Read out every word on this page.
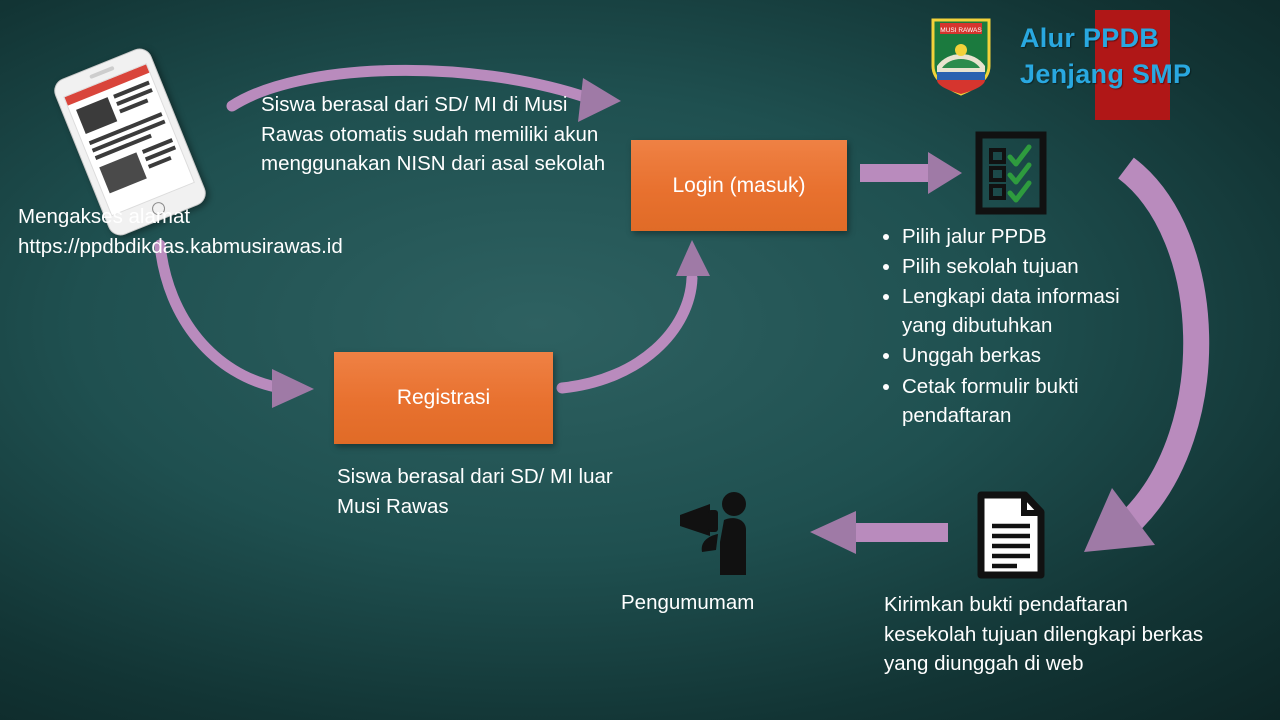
MUSI RAWAS Alur PPDB
Jenjang SMP
Mengakses alamat https://ppdbdikdas.kabmusirawas.id
Siswa berasal dari SD/ MI di Musi Rawas otomatis sudah memiliki akun menggunakan NISN dari asal sekolah
Login (masuk)
Registrasi
Siswa berasal dari SD/ MI luar Musi Rawas
• Pilih jalur PPDB
• Pilih sekolah tujuan
• Lengkapi data informasi yang dibutuhkan
• Unggah berkas
• Cetak formulir bukti pendaftaran
Pengumumam	Kirimkan bukti pendaftaran kesekolah tujuan dilengkapi berkas yang diunggah di web
